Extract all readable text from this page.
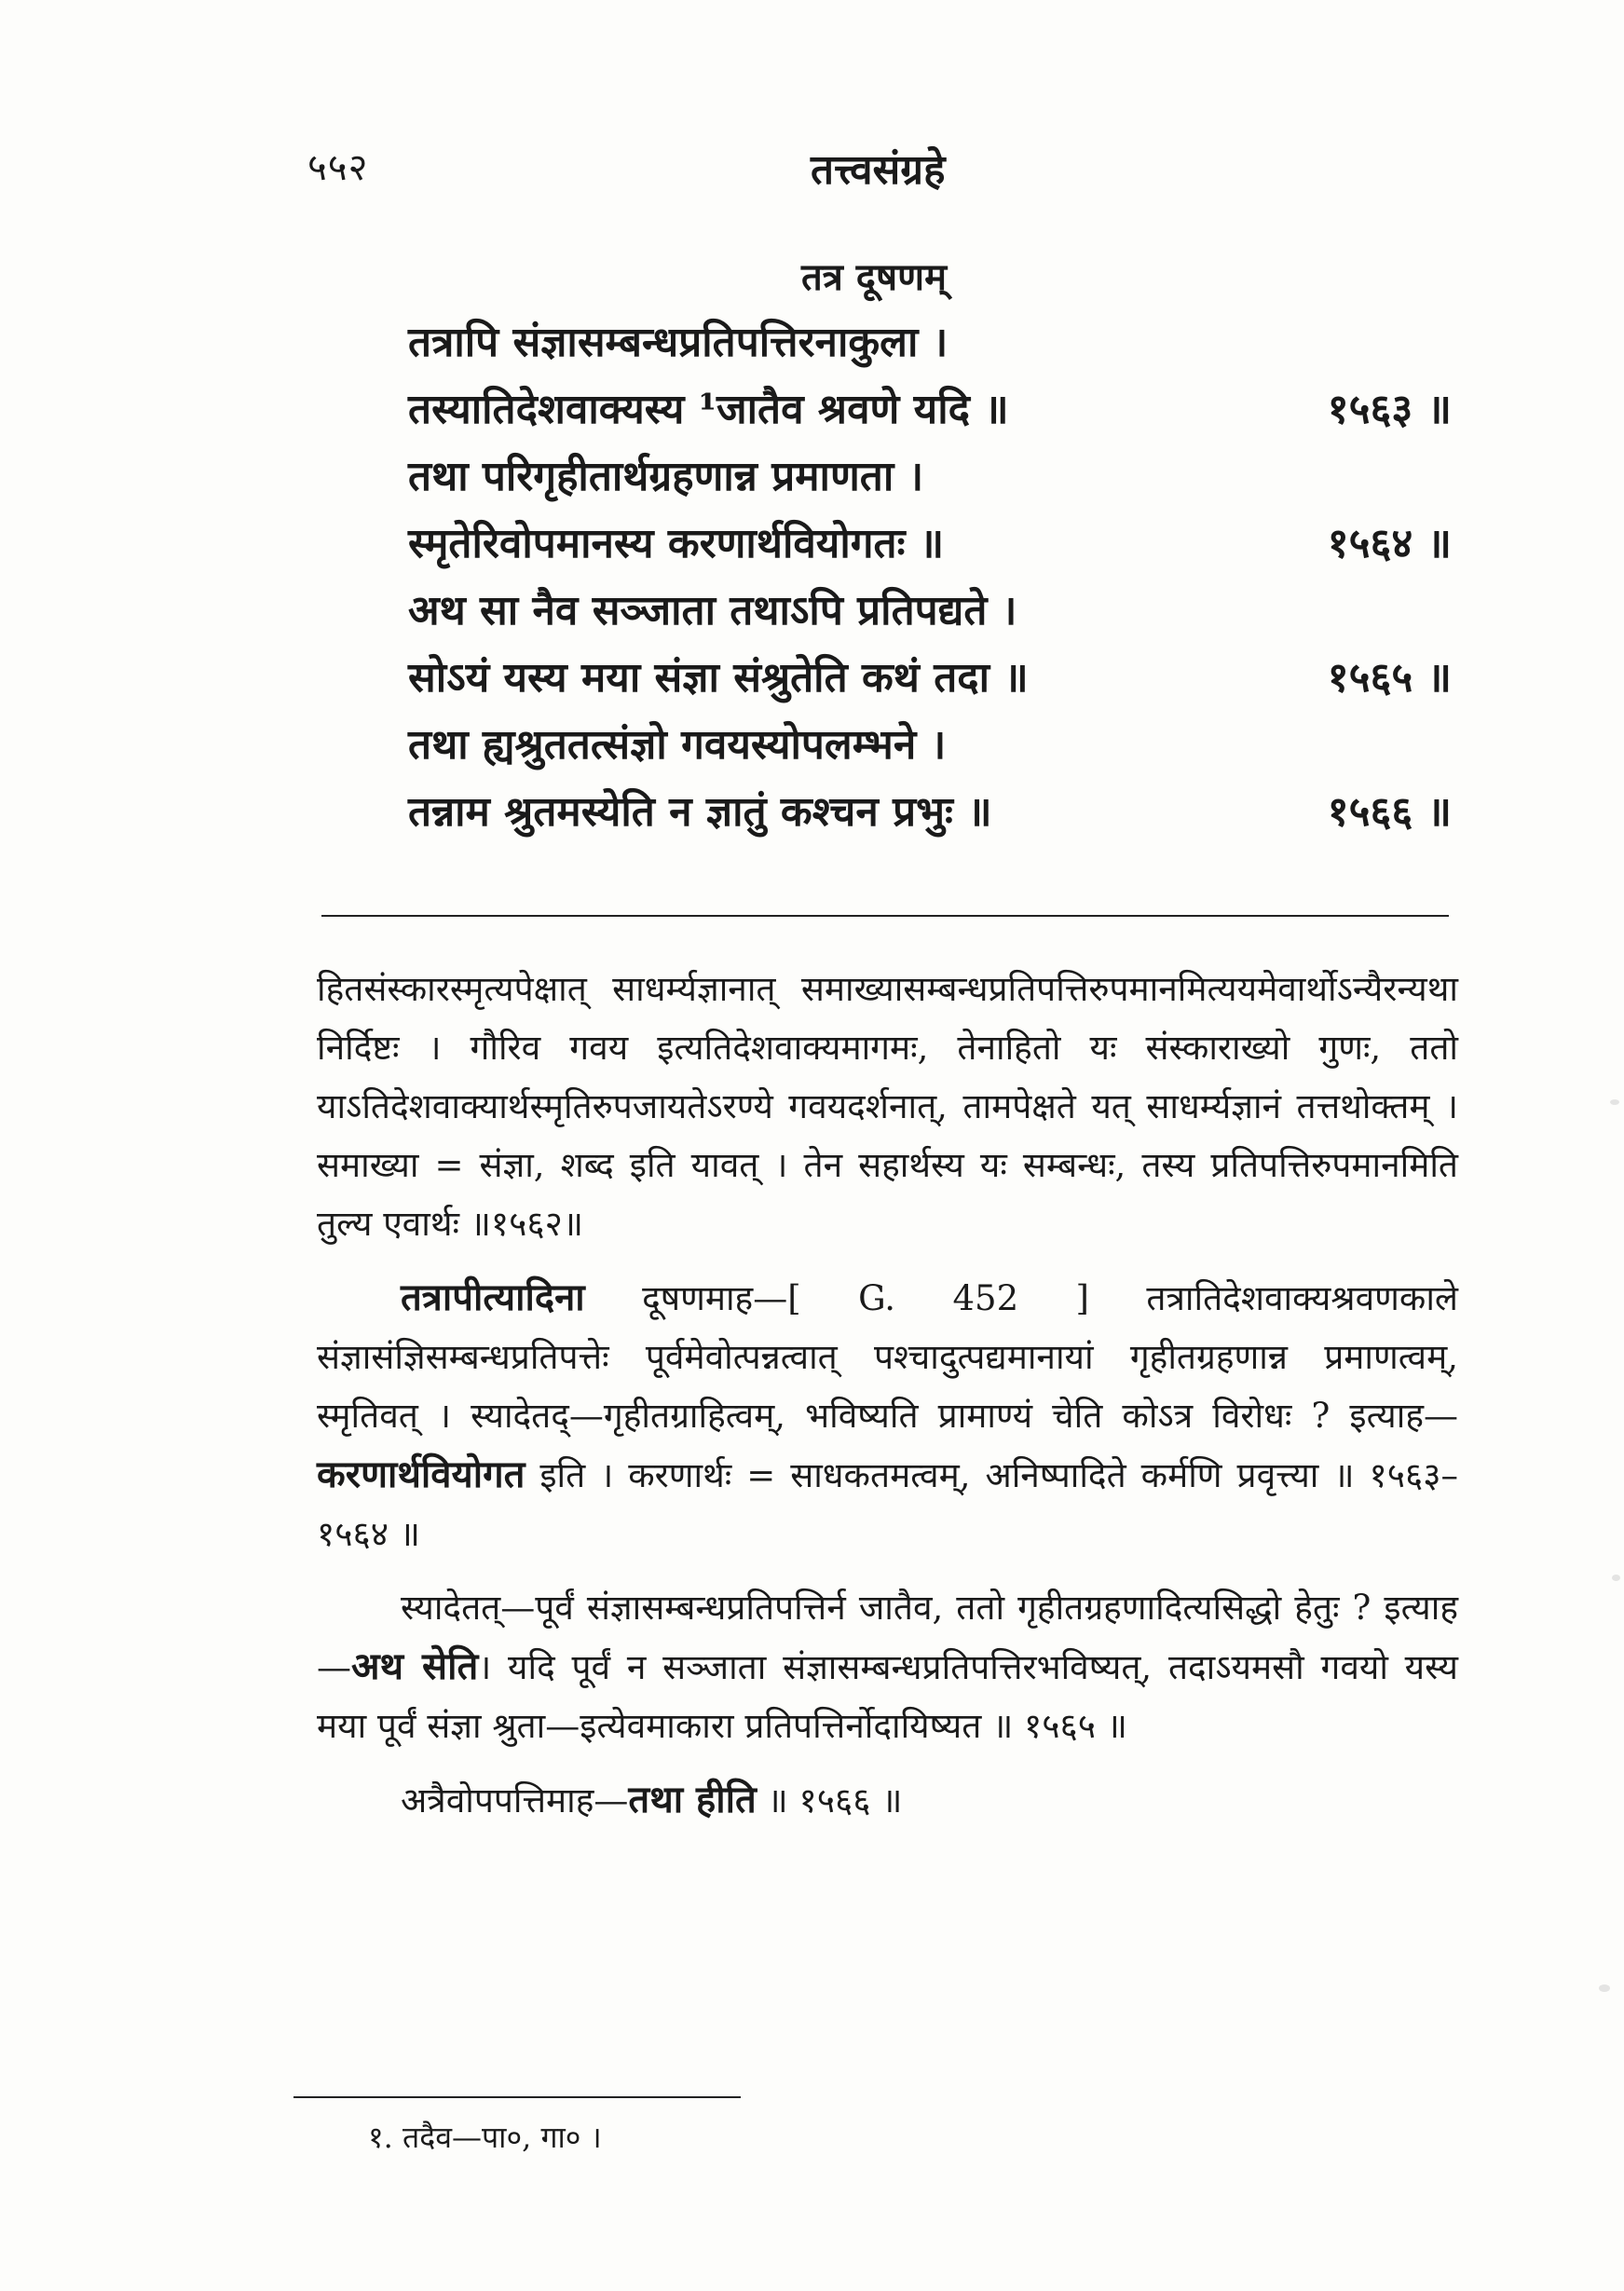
५५२	तत्त्वसंग्रहे
तत्र दूषणम्
तत्रापि संज्ञासम्बन्धप्रतिपत्तिरनाकुला ।
तस्यातिदेशवाक्यस्य ¹जातैव श्रवणे यदि ॥	१५६३ ॥
तथा परिगृहीतार्थग्रहणान्न प्रमाणता ।
स्मृतेरिवोपमानस्य करणार्थवियोगतः ॥	१५६४ ॥
अथ सा नैव सञ्जाता तथाऽपि प्रतिपद्यते ।
सोऽयं यस्य मया संज्ञा संश्रुतेति कथं तदा ॥	१५६५ ॥
तथा ह्यश्रुततत्संज्ञो गवयस्योपलम्भने ।
तन्नाम श्रुतमस्येति न ज्ञातुं कश्चन प्रभुः ॥	१५६६ ॥

हितसंस्कारस्मृत्यपेक्षात् साधर्म्यज्ञानात् समाख्यासम्बन्धप्रतिपत्तिरुपमानमित्ययमेवार्थोऽन्यैरन्यथा निर्दिष्टः । गौरिव गवय इत्यतिदेशवाक्यमागमः, तेनाहितो यः संस्काराख्यो गुणः, ततो याऽतिदेशवाक्यार्थस्मृतिरुपजायतेऽरण्ये गवयदर्शनात्, तामपेक्षते यत् साधर्म्यज्ञानं तत्तथोक्तम् । समाख्या = संज्ञा, शब्द इति यावत् । तेन सहार्थस्य यः सम्बन्धः, तस्य प्रतिपत्तिरुपमानमिति तुल्य एवार्थः ॥१५६२॥

तत्रापीत्यादिना दूषणमाह—[ G. 452 ] तत्रातिदेशवाक्यश्रवणकाले संज्ञासंज्ञिसम्बन्धप्रतिपत्तेः पूर्वमेवोत्पन्नत्वात् पश्चादुत्पद्यमानायां गृहीतग्रहणान्न प्रमाणत्वम्, स्मृतिवत् । स्यादेतद्—गृहीतग्राहित्वम्, भविष्यति प्रामाण्यं चेति कोऽत्र विरोधः ? इत्याह—करणार्थवियोगत इति । करणार्थः = साधकतमत्वम्, अनिष्पादिते कर्मणि प्रवृत्त्या ॥ १५६३–१५६४ ॥

स्यादेतत्—पूर्वं संज्ञासम्बन्धप्रतिपत्तिर्न जातैव, ततो गृहीतग्रहणादित्यसिद्धो हेतुः ? इत्याह—अथ सेति। यदि पूर्वं न सञ्जाता संज्ञासम्बन्धप्रतिपत्तिरभविष्यत्, तदाऽयमसौ गवयो यस्य मया पूर्वं संज्ञा श्रुता—इत्येवमाकारा प्रतिपत्तिर्नोदायिष्यत ॥ १५६५ ॥

अत्रैवोपपत्तिमाह—तथा हीति ॥ १५६६ ॥

१. तदैव—पा०, गा० ।
